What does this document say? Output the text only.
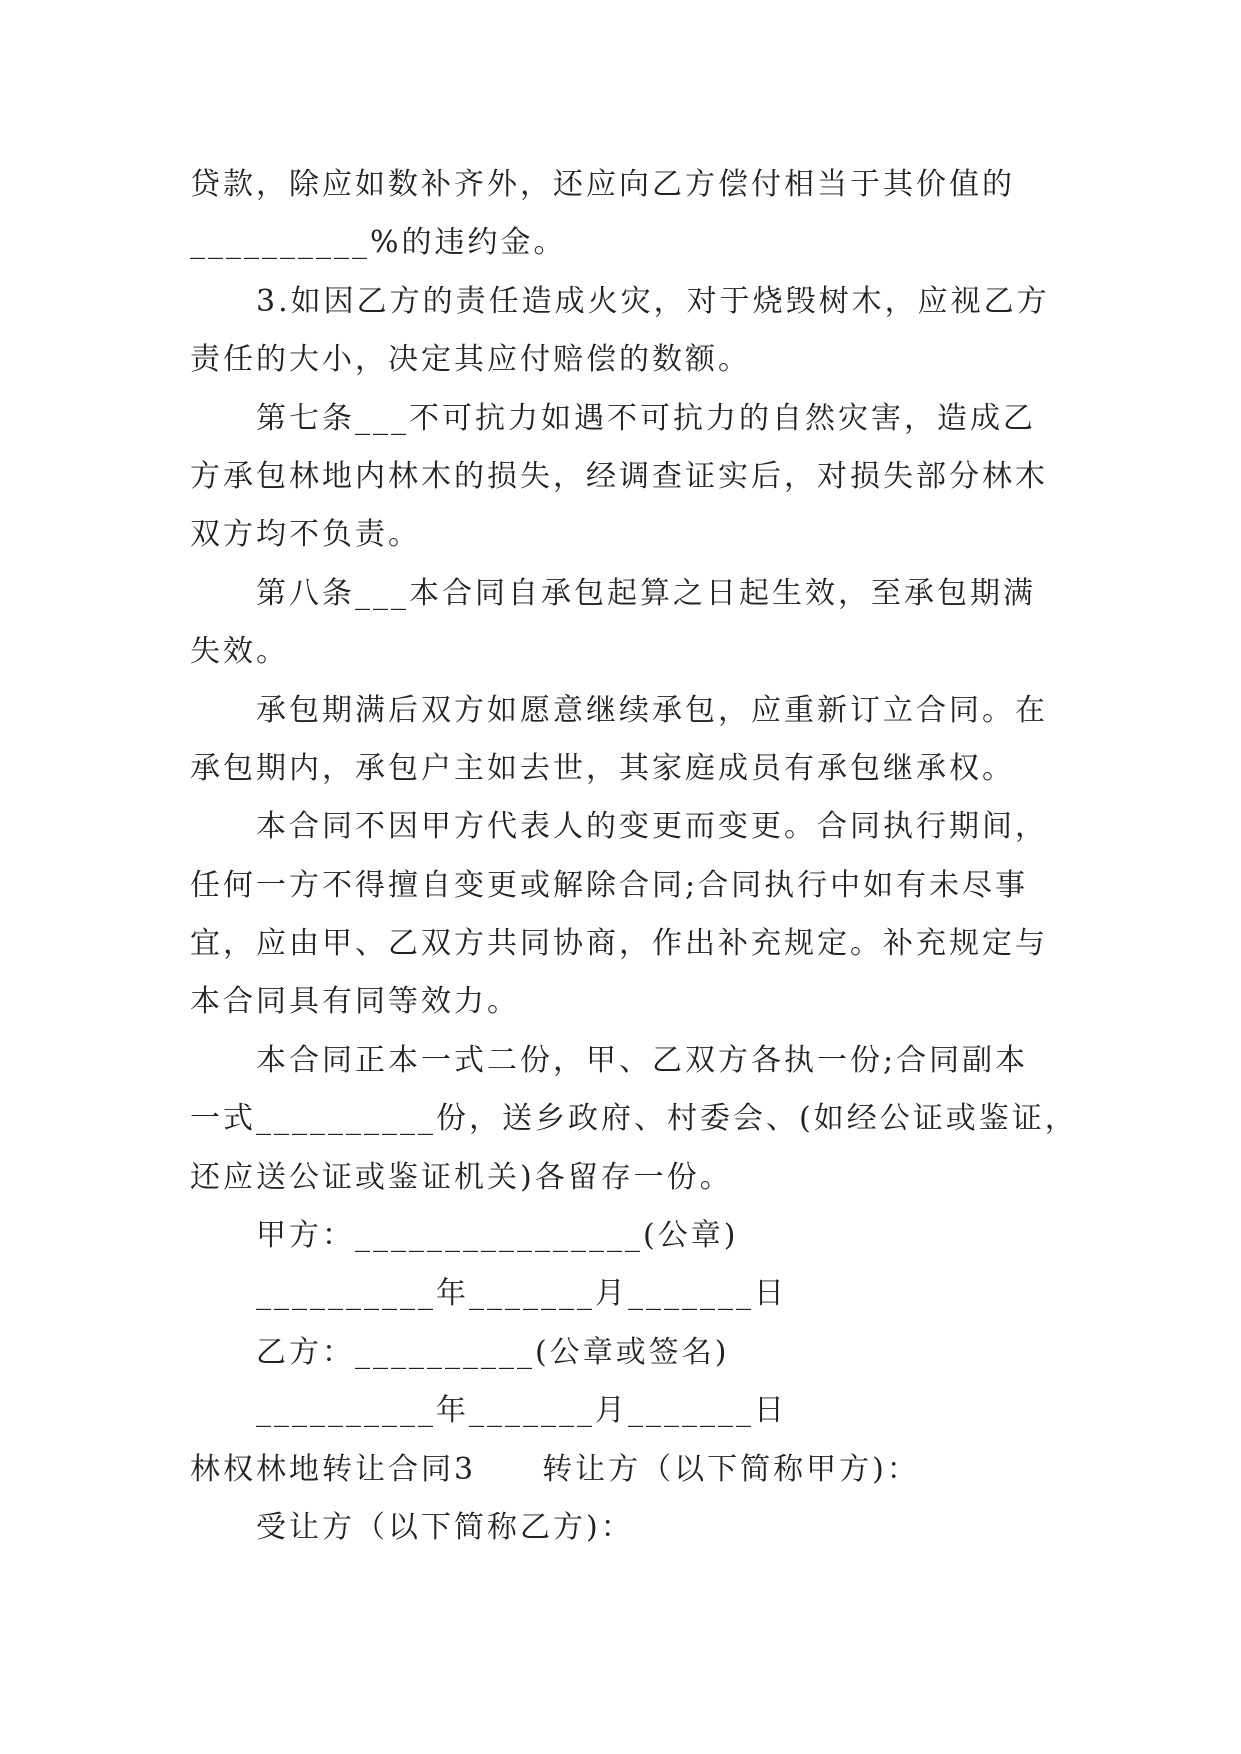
贷款，除应如数补齐外，还应向乙方偿付相当于其价值的
__________%的违约金。
3.如因乙方的责任造成火灾，对于烧毁树木，应视乙方
责任的大小，决定其应付赔偿的数额。
第七条___不可抗力如遇不可抗力的自然灾害，造成乙
方承包林地内林木的损失，经调查证实后，对损失部分林木
双方均不负责。
第八条___本合同自承包起算之日起生效，至承包期满
失效。
承包期满后双方如愿意继续承包，应重新订立合同。在
承包期内，承包户主如去世，其家庭成员有承包继承权。
本合同不因甲方代表人的变更而变更。合同执行期间，
任何一方不得擅自变更或解除合同;合同执行中如有未尽事
宜，应由甲、乙双方共同协商，作出补充规定。补充规定与
本合同具有同等效力。
本合同正本一式二份，甲、乙双方各执一份;合同副本
一式__________份，送乡政府、村委会、(如经公证或鉴证，
还应送公证或鉴证机关)各留存一份。
甲方：________________(公章)
__________年_______月_______日
乙方：__________(公章或签名)
__________年_______月_______日
林权林地转让合同3　　转让方（以下简称甲方)：
受让方（以下简称乙方)：
